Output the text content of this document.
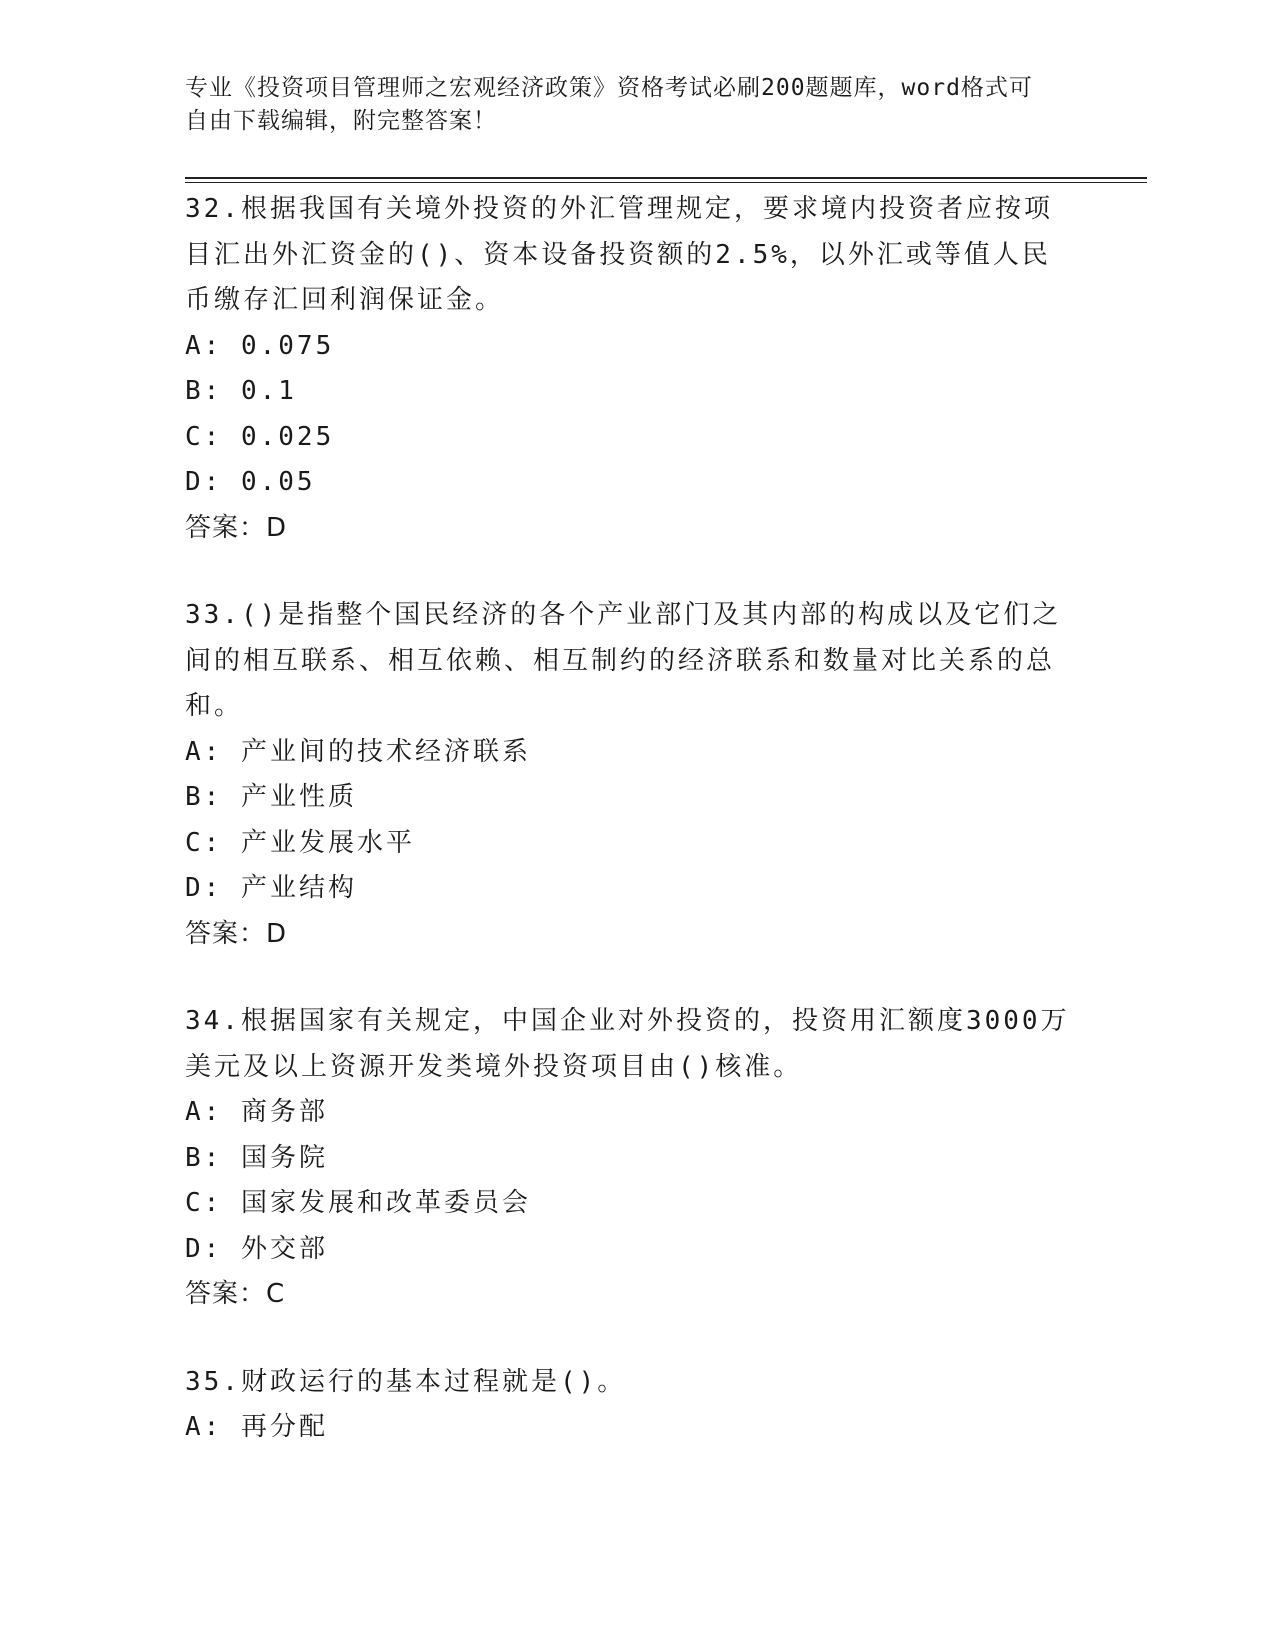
专业《投资项目管理师之宏观经济政策》资格考试必刷200题题库，word格式可
自由下载编辑，附完整答案！

32.根据我国有关境外投资的外汇管理规定，要求境内投资者应按项目汇出外汇资金的()、资本设备投资额的2.5%，以外汇或等值人民币缴存汇回利润保证金。

A: 0.075
B: 0.1
C: 0.025
D: 0.05

答案：D

33.()是指整个国民经济的各个产业部门及其内部的构成以及它们之间的相互联系、相互依赖、相互制约的经济联系和数量对比关系的总和。

A: 产业间的技术经济联系
B: 产业性质
C: 产业发展水平
D: 产业结构

答案：D

34.根据国家有关规定，中国企业对外投资的，投资用汇额度3000万美元及以上资源开发类境外投资项目由()核准。

A: 商务部
B: 国务院
C: 国家发展和改革委员会
D: 外交部

答案：C

35.财政运行的基本过程就是()。

A: 再分配
